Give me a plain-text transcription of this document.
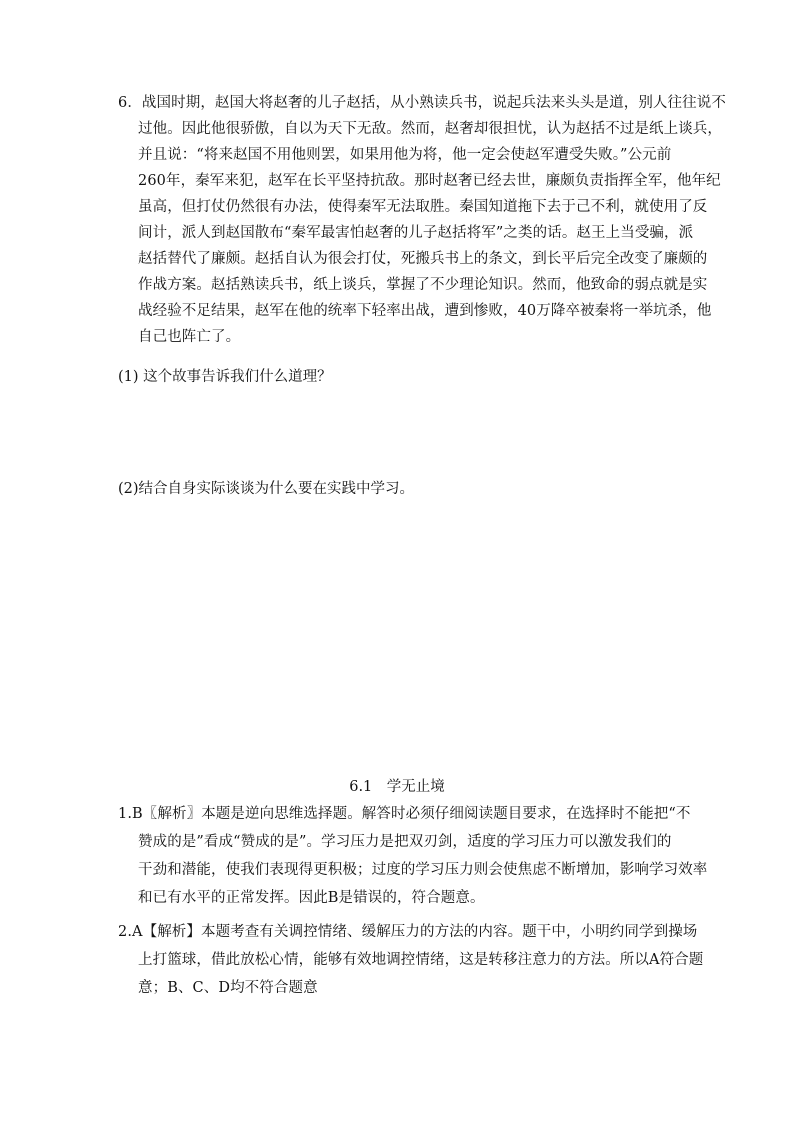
6．战国时期，赵国大将赵奢的儿子赵括，从小熟读兵书，说起兵法来头头是道，别人往往说不
过他。因此他很骄傲，自以为天下无敌。然而，赵奢却很担忧，认为赵括不过是纸上谈兵，
并且说：“将来赵国不用他则罢，如果用他为将，他一定会使赵军遭受失败。”公元前
260年，秦军来犯，赵军在长平坚持抗敌。那时赵奢已经去世，廉颇负责指挥全军，他年纪
虽高，但打仗仍然很有办法，使得秦军无法取胜。秦国知道拖下去于己不利，就使用了反
间计，派人到赵国散布“秦军最害怕赵奢的儿子赵括将军”之类的话。赵王上当受骗，派
赵括替代了廉颇。赵括自认为很会打仗，死搬兵书上的条文，到长平后完全改变了廉颇的
作战方案。赵括熟读兵书，纸上谈兵，掌握了不少理论知识。然而，他致命的弱点就是实
战经验不足结果，赵军在他的统率下轻率出战，遭到惨败，40万降卒被秦将一举坑杀，他
自己也阵亡了。
(1) 这个故事告诉我们什么道理？
(2)结合自身实际谈谈为什么要在实践中学习。
6.1　学无止境
1.B〖解析〗本题是逆向思维选择题。解答时必须仔细阅读题目要求，在选择时不能把“不
赞成的是”看成“赞成的是”。学习压力是把双刃剑，适度的学习压力可以激发我们的
干劲和潜能，使我们表现得更积极；过度的学习压力则会使焦虑不断增加，影响学习效率
和已有水平的正常发挥。因此B是错误的，符合题意。
2.A【解析】本题考查有关调控情绪、缓解压力的方法的内容。题干中，小明约同学到操场
上打篮球，借此放松心情，能够有效地调控情绪，这是转移注意力的方法。所以A符合题
意；B、C、D均不符合题意
